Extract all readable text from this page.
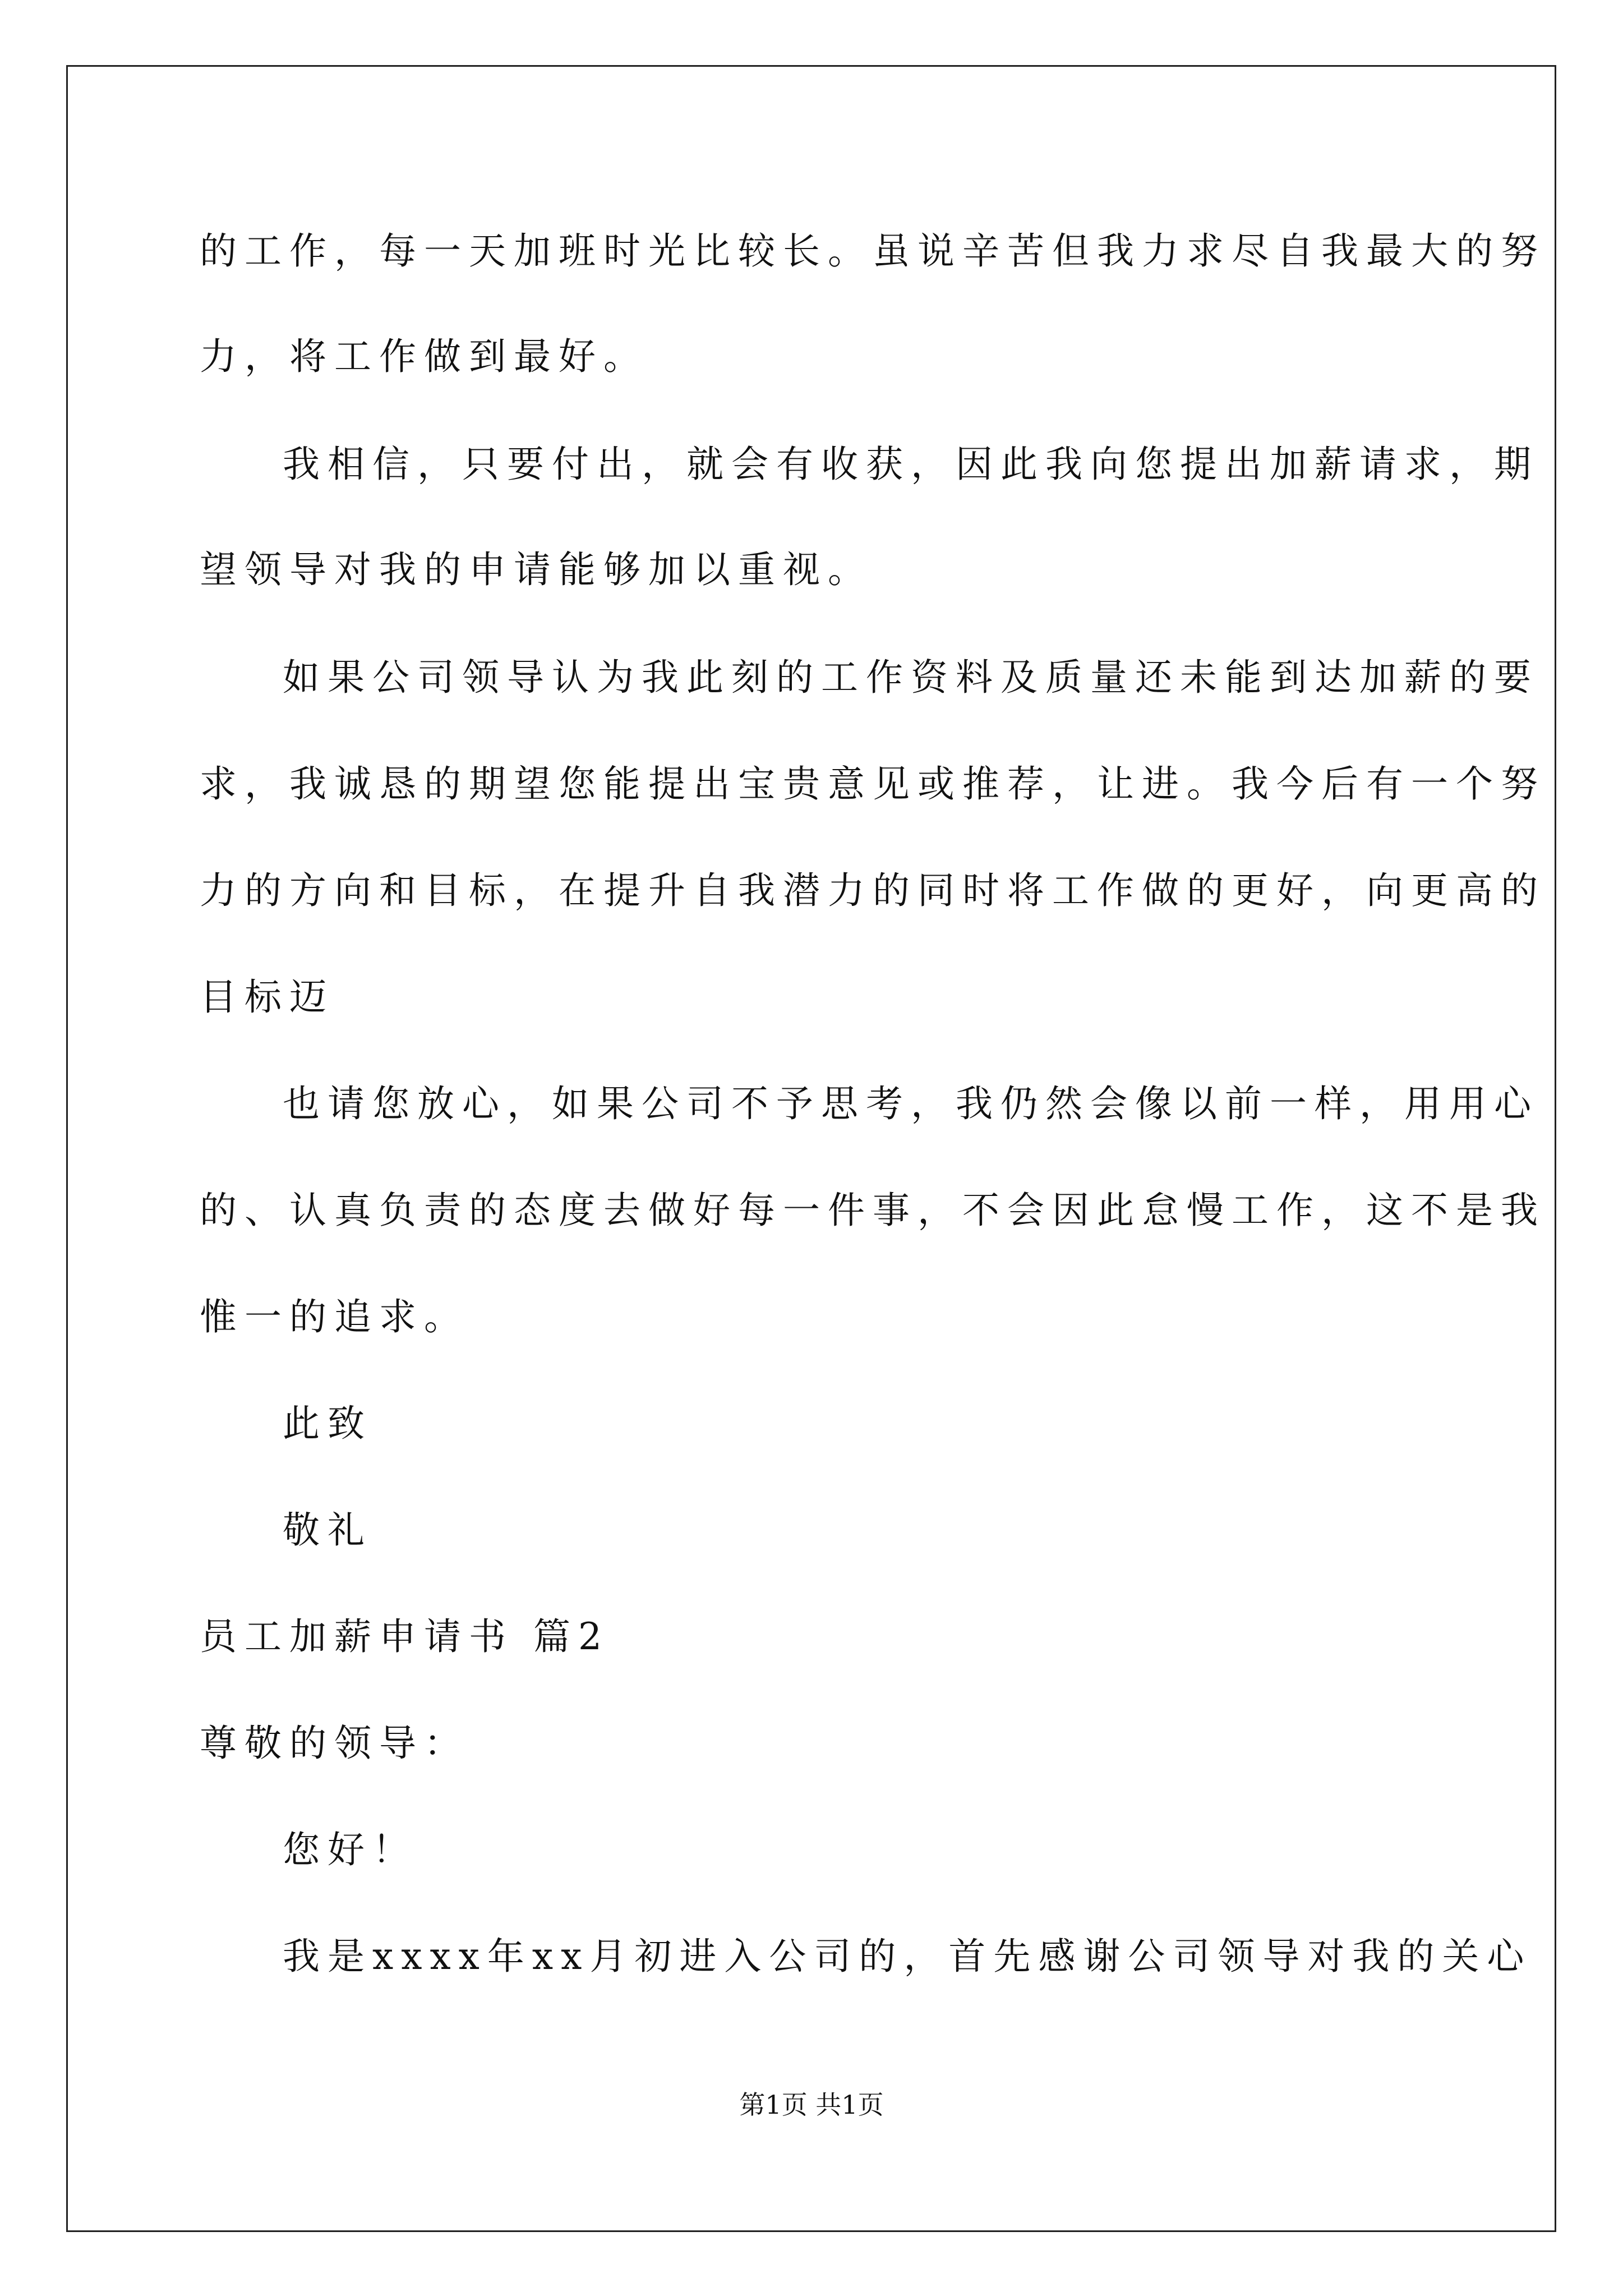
的工作，每一天加班时光比较长。虽说辛苦但我力求尽自我最大的努

力，将工作做到最好。

我相信，只要付出，就会有收获，因此我向您提出加薪请求，期

望领导对我的申请能够加以重视。

如果公司领导认为我此刻的工作资料及质量还未能到达加薪的要

求，我诚恳的期望您能提出宝贵意见或推荐，让进。我今后有一个努

力的方向和目标，在提升自我潜力的同时将工作做的更好，向更高的

目标迈

也请您放心，如果公司不予思考，我仍然会像以前一样，用用心

的、认真负责的态度去做好每一件事，不会因此怠慢工作，这不是我

惟一的追求。

此致

敬礼

员工加薪申请书 篇2

尊敬的领导：

您好！

我是xxxx年xx月初进入公司的，首先感谢公司领导对我的关心

第1页 共1页
